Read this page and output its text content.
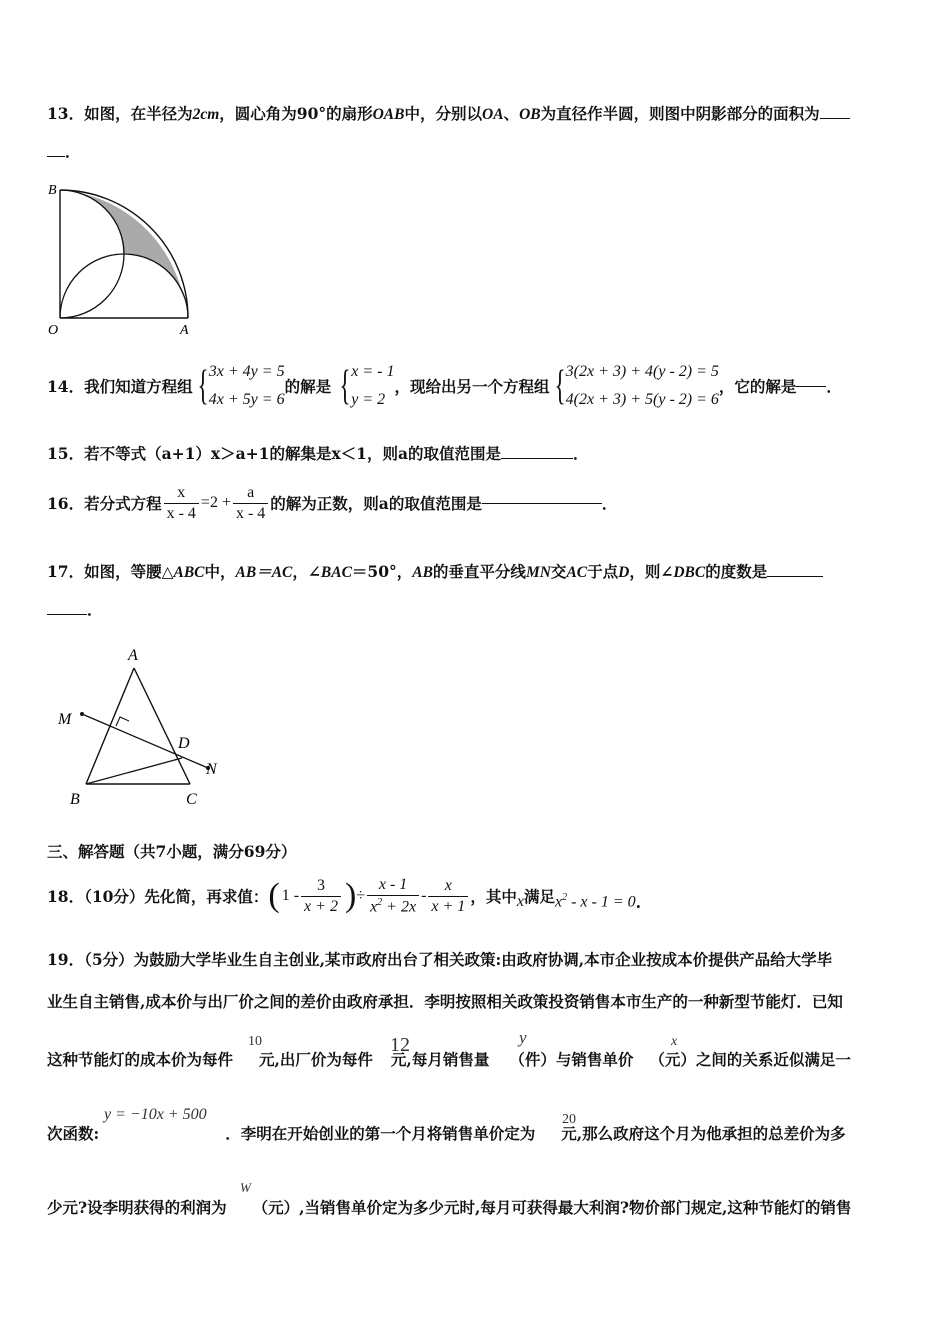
13．如图，在半径为2cm，圆心角为90°的扇形OAB中，分别以OA、OB为直径作半圆，则图中阴影部分的面积为
．
B
O	A
14． 我们知道方程组 { 3x + 4y = 5
4x + 5y = 6
的解是 { x = - 1
y = 2
，现给出另一个方程组 { 3(2x + 3) + 4(y - 2) = 5
4(2x + 3) + 5(y - 2) = 6
，它的解是 ．
15．若不等式（a+1）x＞a+1的解集是x＜1，则a的取值范围是	．
16． 若分式方程 $\frac{x}{x - 4} =2 + \frac{a}{x - 4}$ 的解为正数，则a的取值范围是	．
17．如图，等腰△ABC中，AB＝AC，∠BAC＝50°，AB的垂直平分线MN交AC于点D，则∠DBC的度数是
．
A
M
D
N
B	C
三、解答题（共7小题，满分69分）
18．（10分）先化简，再求值： ( $1 - \frac{3}{x + 2}$ ) ÷ $\frac{x - 1}{x^2 + 2x} - \frac{x}{x + 1}$ ，其中 x 满足 $x^2 - x - 1 = 0$ .
19．（5分）为鼓励大学毕业生自主创业,某市政府出台了相关政策:由政府协调,本市企业按成本价提供产品给大学毕
业生自主销售,成本价与出厂价之间的差价由政府承担．李明按照相关政策投资销售本市生产的一种新型节能灯．已知
这种节能灯的成本价为每件 元,出厂价为每件 元,每月销售量 （件）与销售单价 （元）之间的关系近似满足一
10	12	y	x
次函数:	．李明在开始创业的第一个月将销售单价定为 元,那么政府这个月为他承担的总差价为多
y = −10x + 500	20
少元?设李明获得的利润为 （元）,当销售单价定为多少元时,每月可获得最大利润?物价部门规定,这种节能灯的销售
W
